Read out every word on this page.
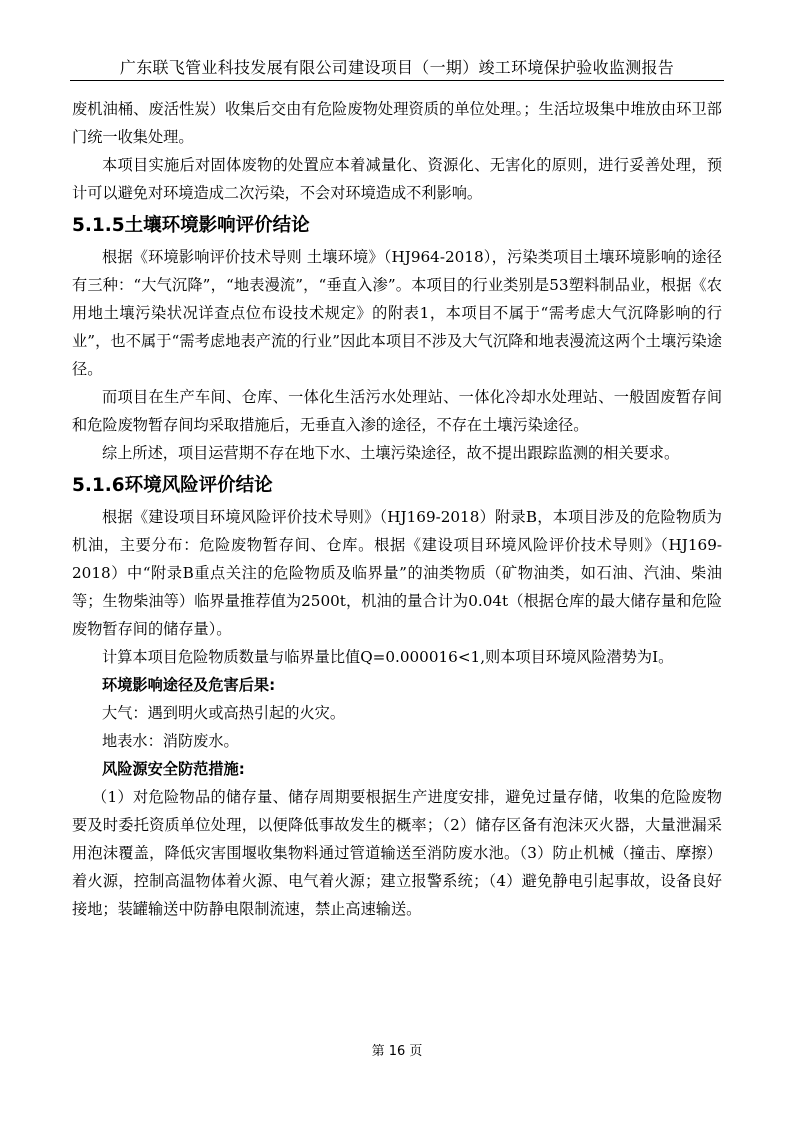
广东联飞管业科技发展有限公司建设项目（一期）竣工环境保护验收监测报告

废机油桶、废活性炭）收集后交由有危险废物处理资质的单位处理。；生活垃圾集中堆放由环卫部门统一收集处理。

本项目实施后对固体废物的处置应本着减量化、资源化、无害化的原则，进行妥善处理，预计可以避免对环境造成二次污染，不会对环境造成不利影响。

5.1.5土壤环境影响评价结论

根据《环境影响评价技术导则 土壤环境》（HJ964-2018），污染类项目土壤环境影响的途径有三种：“大气沉降”，“地表漫流”，“垂直入渗”。本项目的行业类别是53塑料制品业，根据《农用地土壤污染状况详查点位布设技术规定》的附表1，本项目不属于“需考虑大气沉降影响的行业”，也不属于“需考虑地表产流的行业”因此本项目不涉及大气沉降和地表漫流这两个土壤污染途径。

而项目在生产车间、仓库、一体化生活污水处理站、一体化冷却水处理站、一般固废暂存间和危险废物暂存间均采取措施后，无垂直入渗的途径，不存在土壤污染途径。

综上所述，项目运营期不存在地下水、土壤污染途径，故不提出跟踪监测的相关要求。

5.1.6环境风险评价结论

根据《建设项目环境风险评价技术导则》（HJ169-2018）附录B，本项目涉及的危险物质为机油，主要分布：危险废物暂存间、仓库。根据《建设项目环境风险评价技术导则》（HJ169-2018）中“附录B重点关注的危险物质及临界量”的油类物质（矿物油类，如石油、汽油、柴油等；生物柴油等）临界量推荐值为2500t，机油的量合计为0.04t（根据仓库的最大储存量和危险废物暂存间的储存量）。

计算本项目危险物质数量与临界量比值Q=0.000016<1,则本项目环境风险潜势为Ⅰ。

环境影响途径及危害后果:

大气：遇到明火或高热引起的火灾。

地表水：消防废水。

风险源安全防范措施:

（1）对危险物品的储存量、储存周期要根据生产进度安排，避免过量存储，收集的危险废物要及时委托资质单位处理，以便降低事故发生的概率；（2）储存区备有泡沫灭火器，大量泄漏采用泡沫覆盖，降低灾害围堰收集物料通过管道输送至消防废水池。（3）防止机械（撞击、摩擦）着火源，控制高温物体着火源、电气着火源；建立报警系统；（4）避免静电引起事故，设备良好接地；装罐输送中防静电限制流速，禁止高速输送。

第 16 页
